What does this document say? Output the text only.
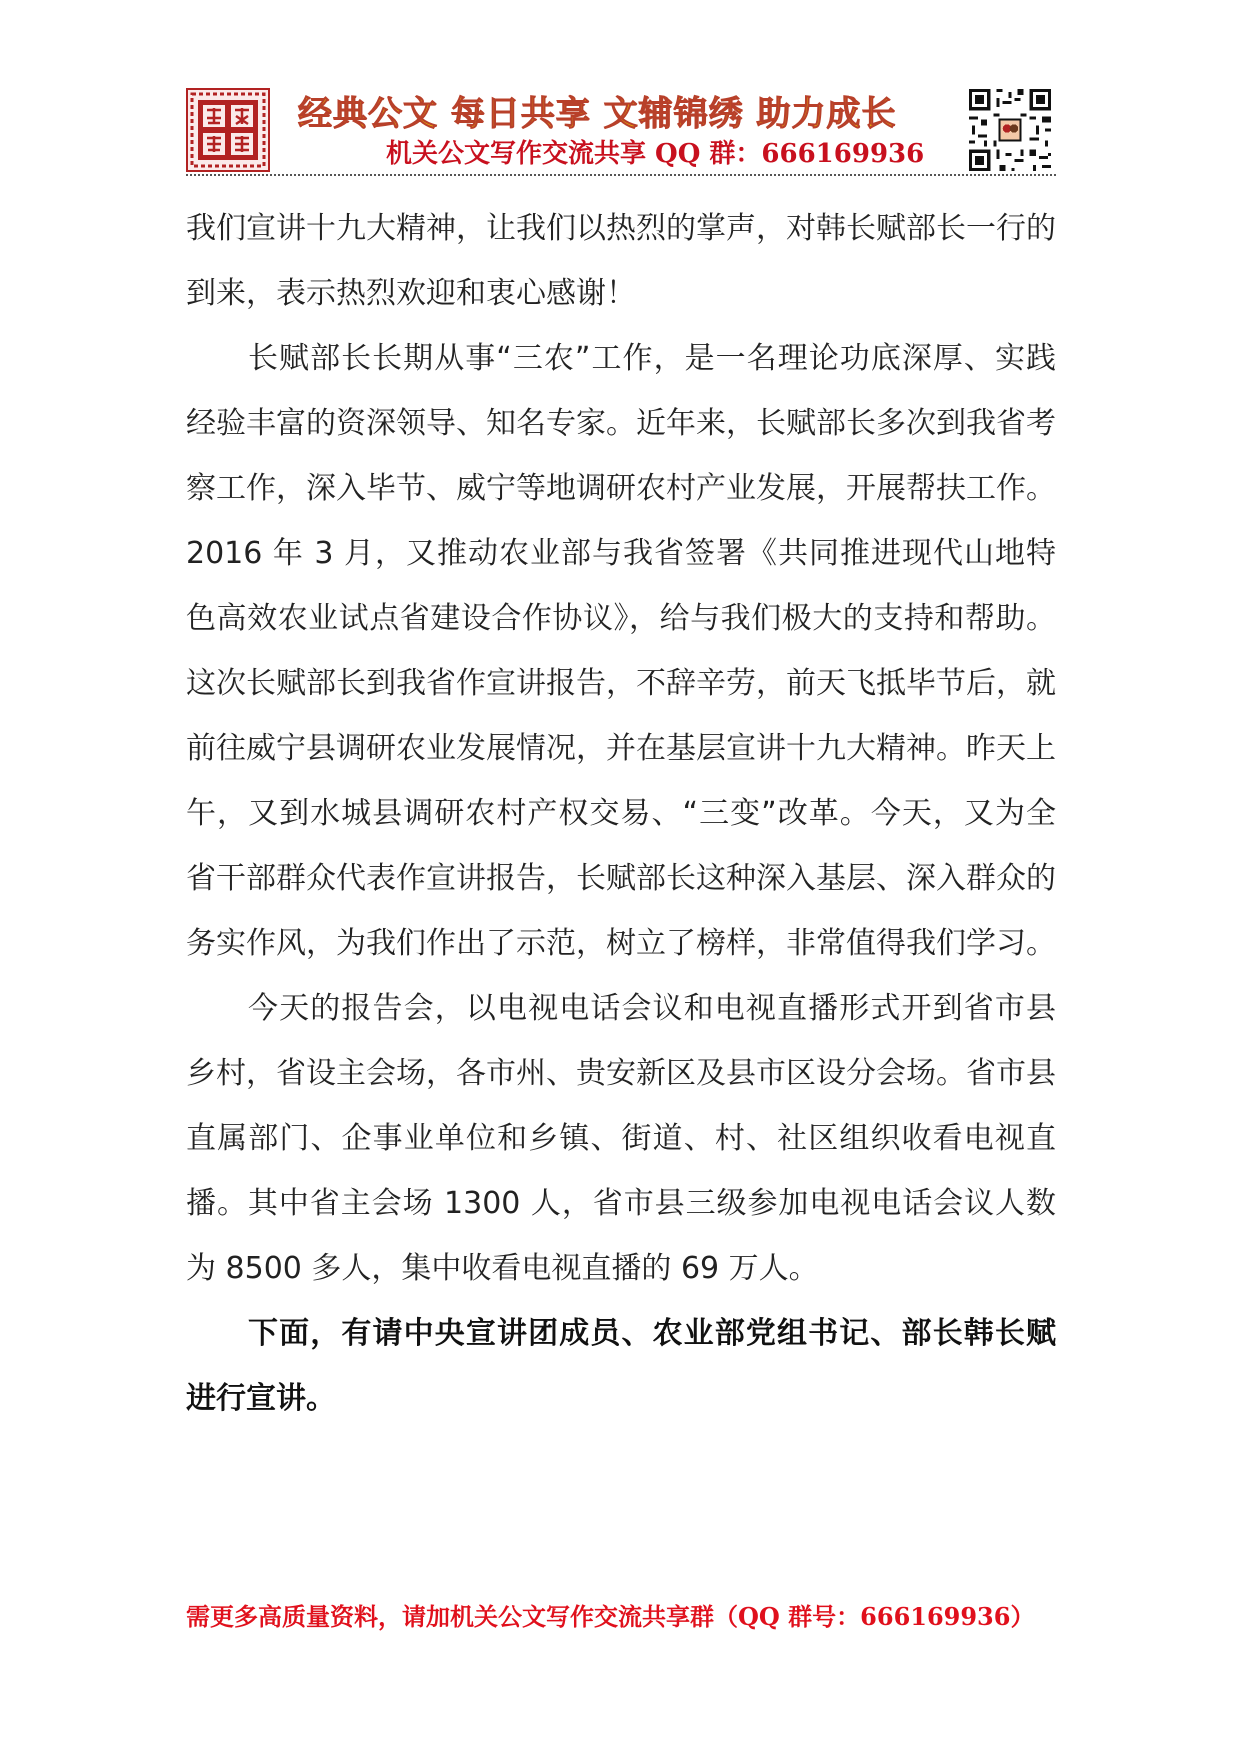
经典公文 每日共享 文辅锦绣 助力成长
机关公文写作交流共享 QQ 群：666169936

我们宣讲十九大精神，让我们以热烈的掌声，对韩长赋部长一行的到来，表示热烈欢迎和衷心感谢！

长赋部长长期从事“三农”工作，是一名理论功底深厚、实践经验丰富的资深领导、知名专家。近年来，长赋部长多次到我省考察工作，深入毕节、威宁等地调研农村产业发展，开展帮扶工作。2016 年 3 月，又推动农业部与我省签署《共同推进现代山地特色高效农业试点省建设合作协议》，给与我们极大的支持和帮助。这次长赋部长到我省作宣讲报告，不辞辛劳，前天飞抵毕节后，就前往威宁县调研农业发展情况，并在基层宣讲十九大精神。昨天上午，又到水城县调研农村产权交易、“三变”改革。今天，又为全省干部群众代表作宣讲报告，长赋部长这种深入基层、深入群众的务实作风，为我们作出了示范，树立了榜样，非常值得我们学习。

今天的报告会，以电视电话会议和电视直播形式开到省市县乡村，省设主会场，各市州、贵安新区及县市区设分会场。省市县直属部门、企事业单位和乡镇、街道、村、社区组织收看电视直播。其中省主会场 1300 人，省市县三级参加电视电话会议人数为 8500 多人，集中收看电视直播的 69 万人。

下面，有请中央宣讲团成员、农业部党组书记、部长韩长赋进行宣讲。

需更多高质量资料，请加机关公文写作交流共享群（QQ 群号：666169936）
